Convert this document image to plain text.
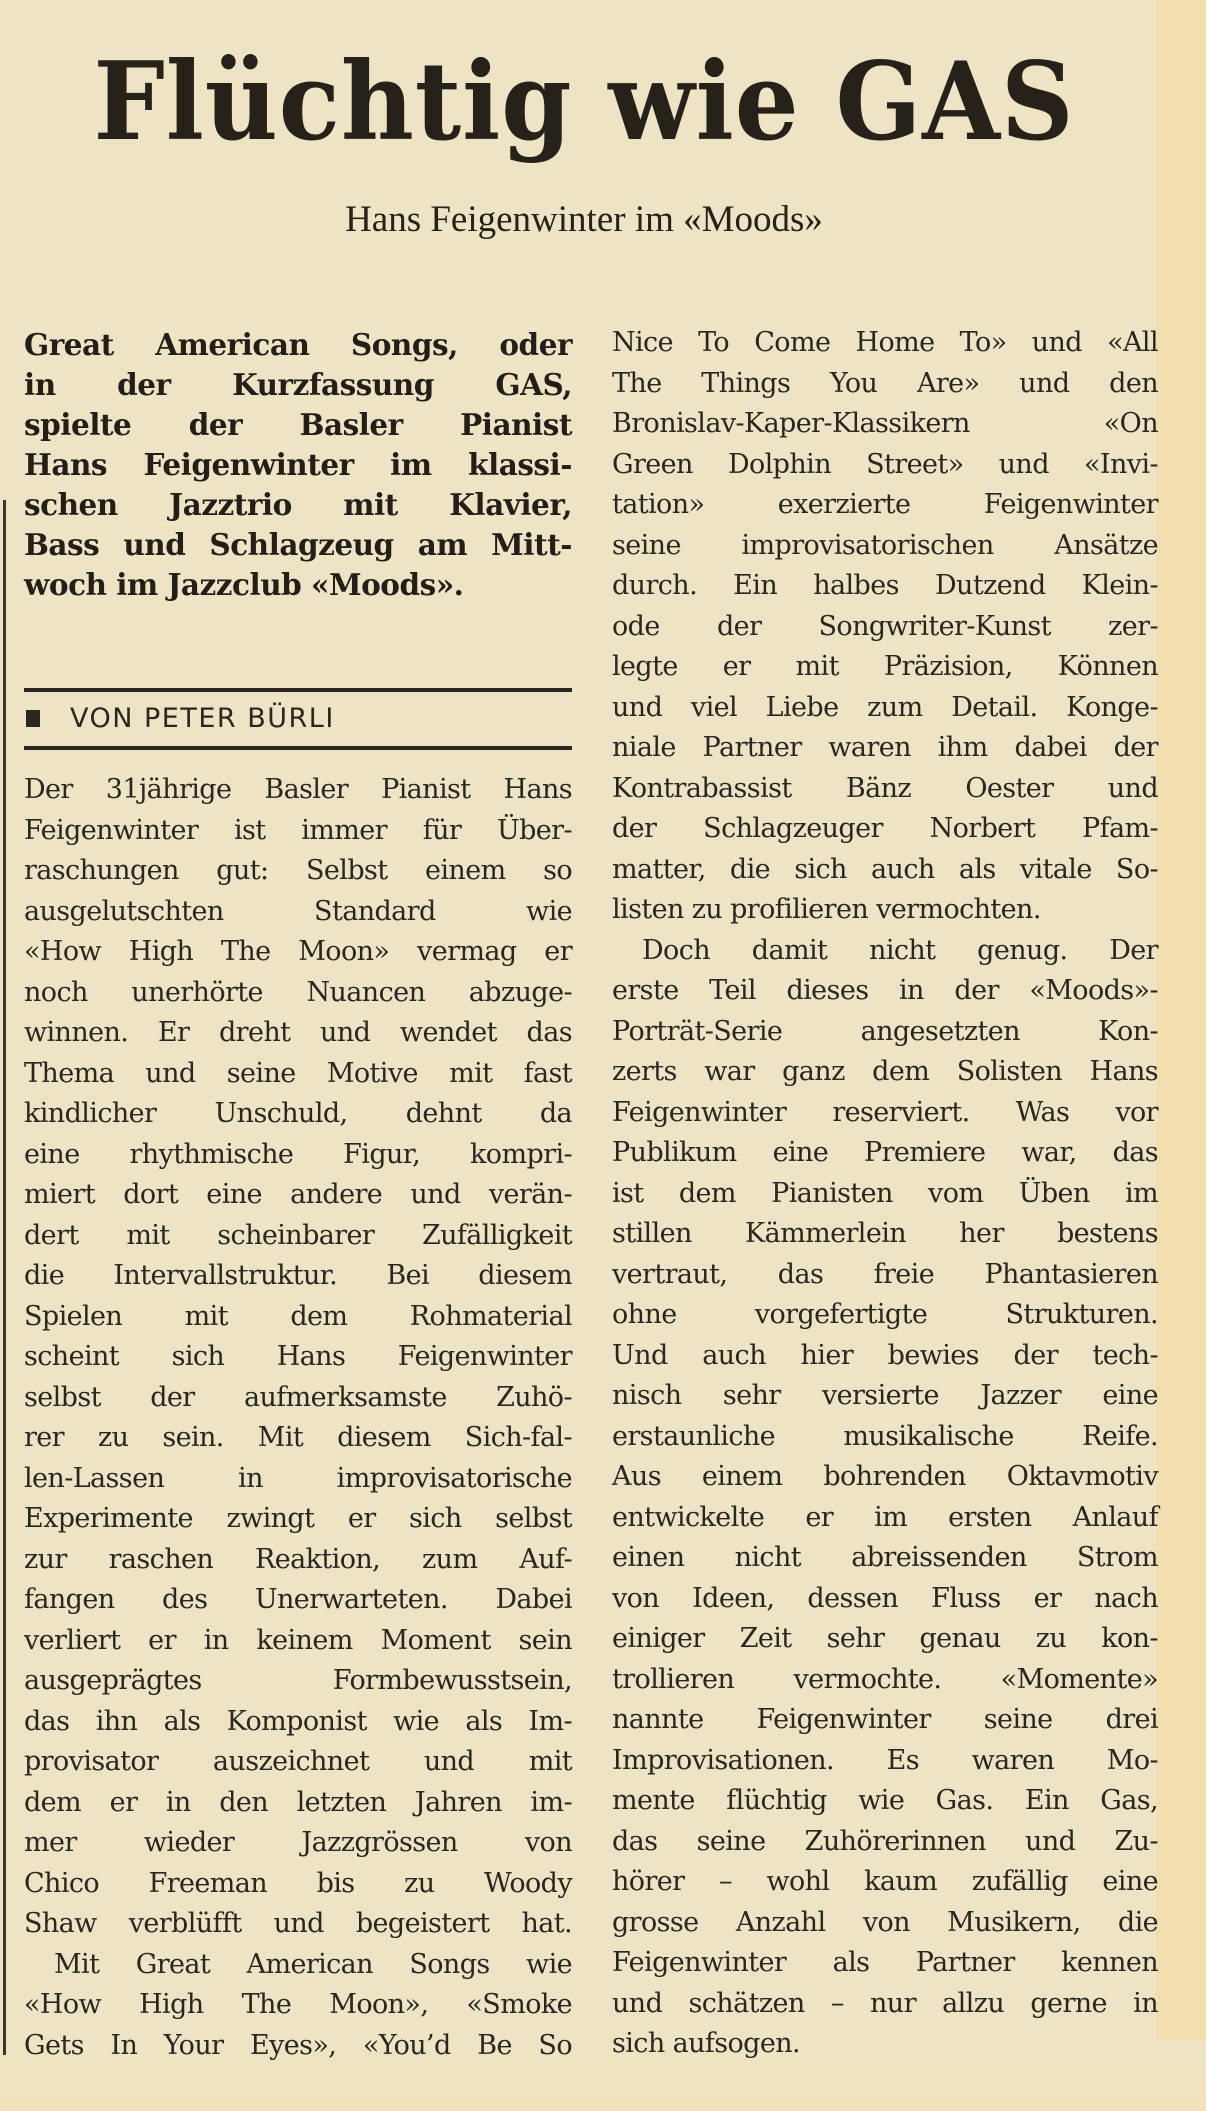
Flüchtig wie GAS
Hans Feigenwinter im «Moods»
Great American Songs, oder
in der Kurzfassung GAS,
spielte der Basler Pianist
Hans Feigenwinter im klassi-
schen Jazztrio mit Klavier,
Bass und Schlagzeug am Mitt-
woch im Jazzclub «Moods».
VON PETER BÜRLI
Der 31jährige Basler Pianist Hans
Feigenwinter ist immer für Über-
raschungen gut: Selbst einem so
ausgelutschten Standard wie
«How High The Moon» vermag er
noch unerhörte Nuancen abzuge-
winnen. Er dreht und wendet das
Thema und seine Motive mit fast
kindlicher Unschuld, dehnt da
eine rhythmische Figur, kompri-
miert dort eine andere und verän-
dert mit scheinbarer Zufälligkeit
die Intervallstruktur. Bei diesem
Spielen mit dem Rohmaterial
scheint sich Hans Feigenwinter
selbst der aufmerksamste Zuhö-
rer zu sein. Mit diesem Sich-fal-
len-Lassen in improvisatorische
Experimente zwingt er sich selbst
zur raschen Reaktion, zum Auf-
fangen des Unerwarteten. Dabei
verliert er in keinem Moment sein
ausgeprägtes Formbewusstsein,
das ihn als Komponist wie als Im-
provisator auszeichnet und mit
dem er in den letzten Jahren im-
mer wieder Jazzgrössen von
Chico Freeman bis zu Woody
Shaw verblüfft und begeistert hat.
Mit Great American Songs wie
«How High The Moon», «Smoke
Gets In Your Eyes», «You’d Be So
Nice To Come Home To» und «All
The Things You Are» und den
Bronislav-Kaper-Klassikern «On
Green Dolphin Street» und «Invi-
tation» exerzierte Feigenwinter
seine improvisatorischen Ansätze
durch. Ein halbes Dutzend Klein-
ode der Songwriter-Kunst zer-
legte er mit Präzision, Können
und viel Liebe zum Detail. Konge-
niale Partner waren ihm dabei der
Kontrabassist Bänz Oester und
der Schlagzeuger Norbert Pfam-
matter, die sich auch als vitale So-
listen zu profilieren vermochten.
Doch damit nicht genug. Der
erste Teil dieses in der «Moods»-
Porträt-Serie angesetzten Kon-
zerts war ganz dem Solisten Hans
Feigenwinter reserviert. Was vor
Publikum eine Premiere war, das
ist dem Pianisten vom Üben im
stillen Kämmerlein her bestens
vertraut, das freie Phantasieren
ohne vorgefertigte Strukturen.
Und auch hier bewies der tech-
nisch sehr versierte Jazzer eine
erstaunliche musikalische Reife.
Aus einem bohrenden Oktavmotiv
entwickelte er im ersten Anlauf
einen nicht abreissenden Strom
von Ideen, dessen Fluss er nach
einiger Zeit sehr genau zu kon-
trollieren vermochte. «Momente»
nannte Feigenwinter seine drei
Improvisationen. Es waren Mo-
mente flüchtig wie Gas. Ein Gas,
das seine Zuhörerinnen und Zu-
hörer – wohl kaum zufällig eine
grosse Anzahl von Musikern, die
Feigenwinter als Partner kennen
und schätzen – nur allzu gerne in
sich aufsogen.
